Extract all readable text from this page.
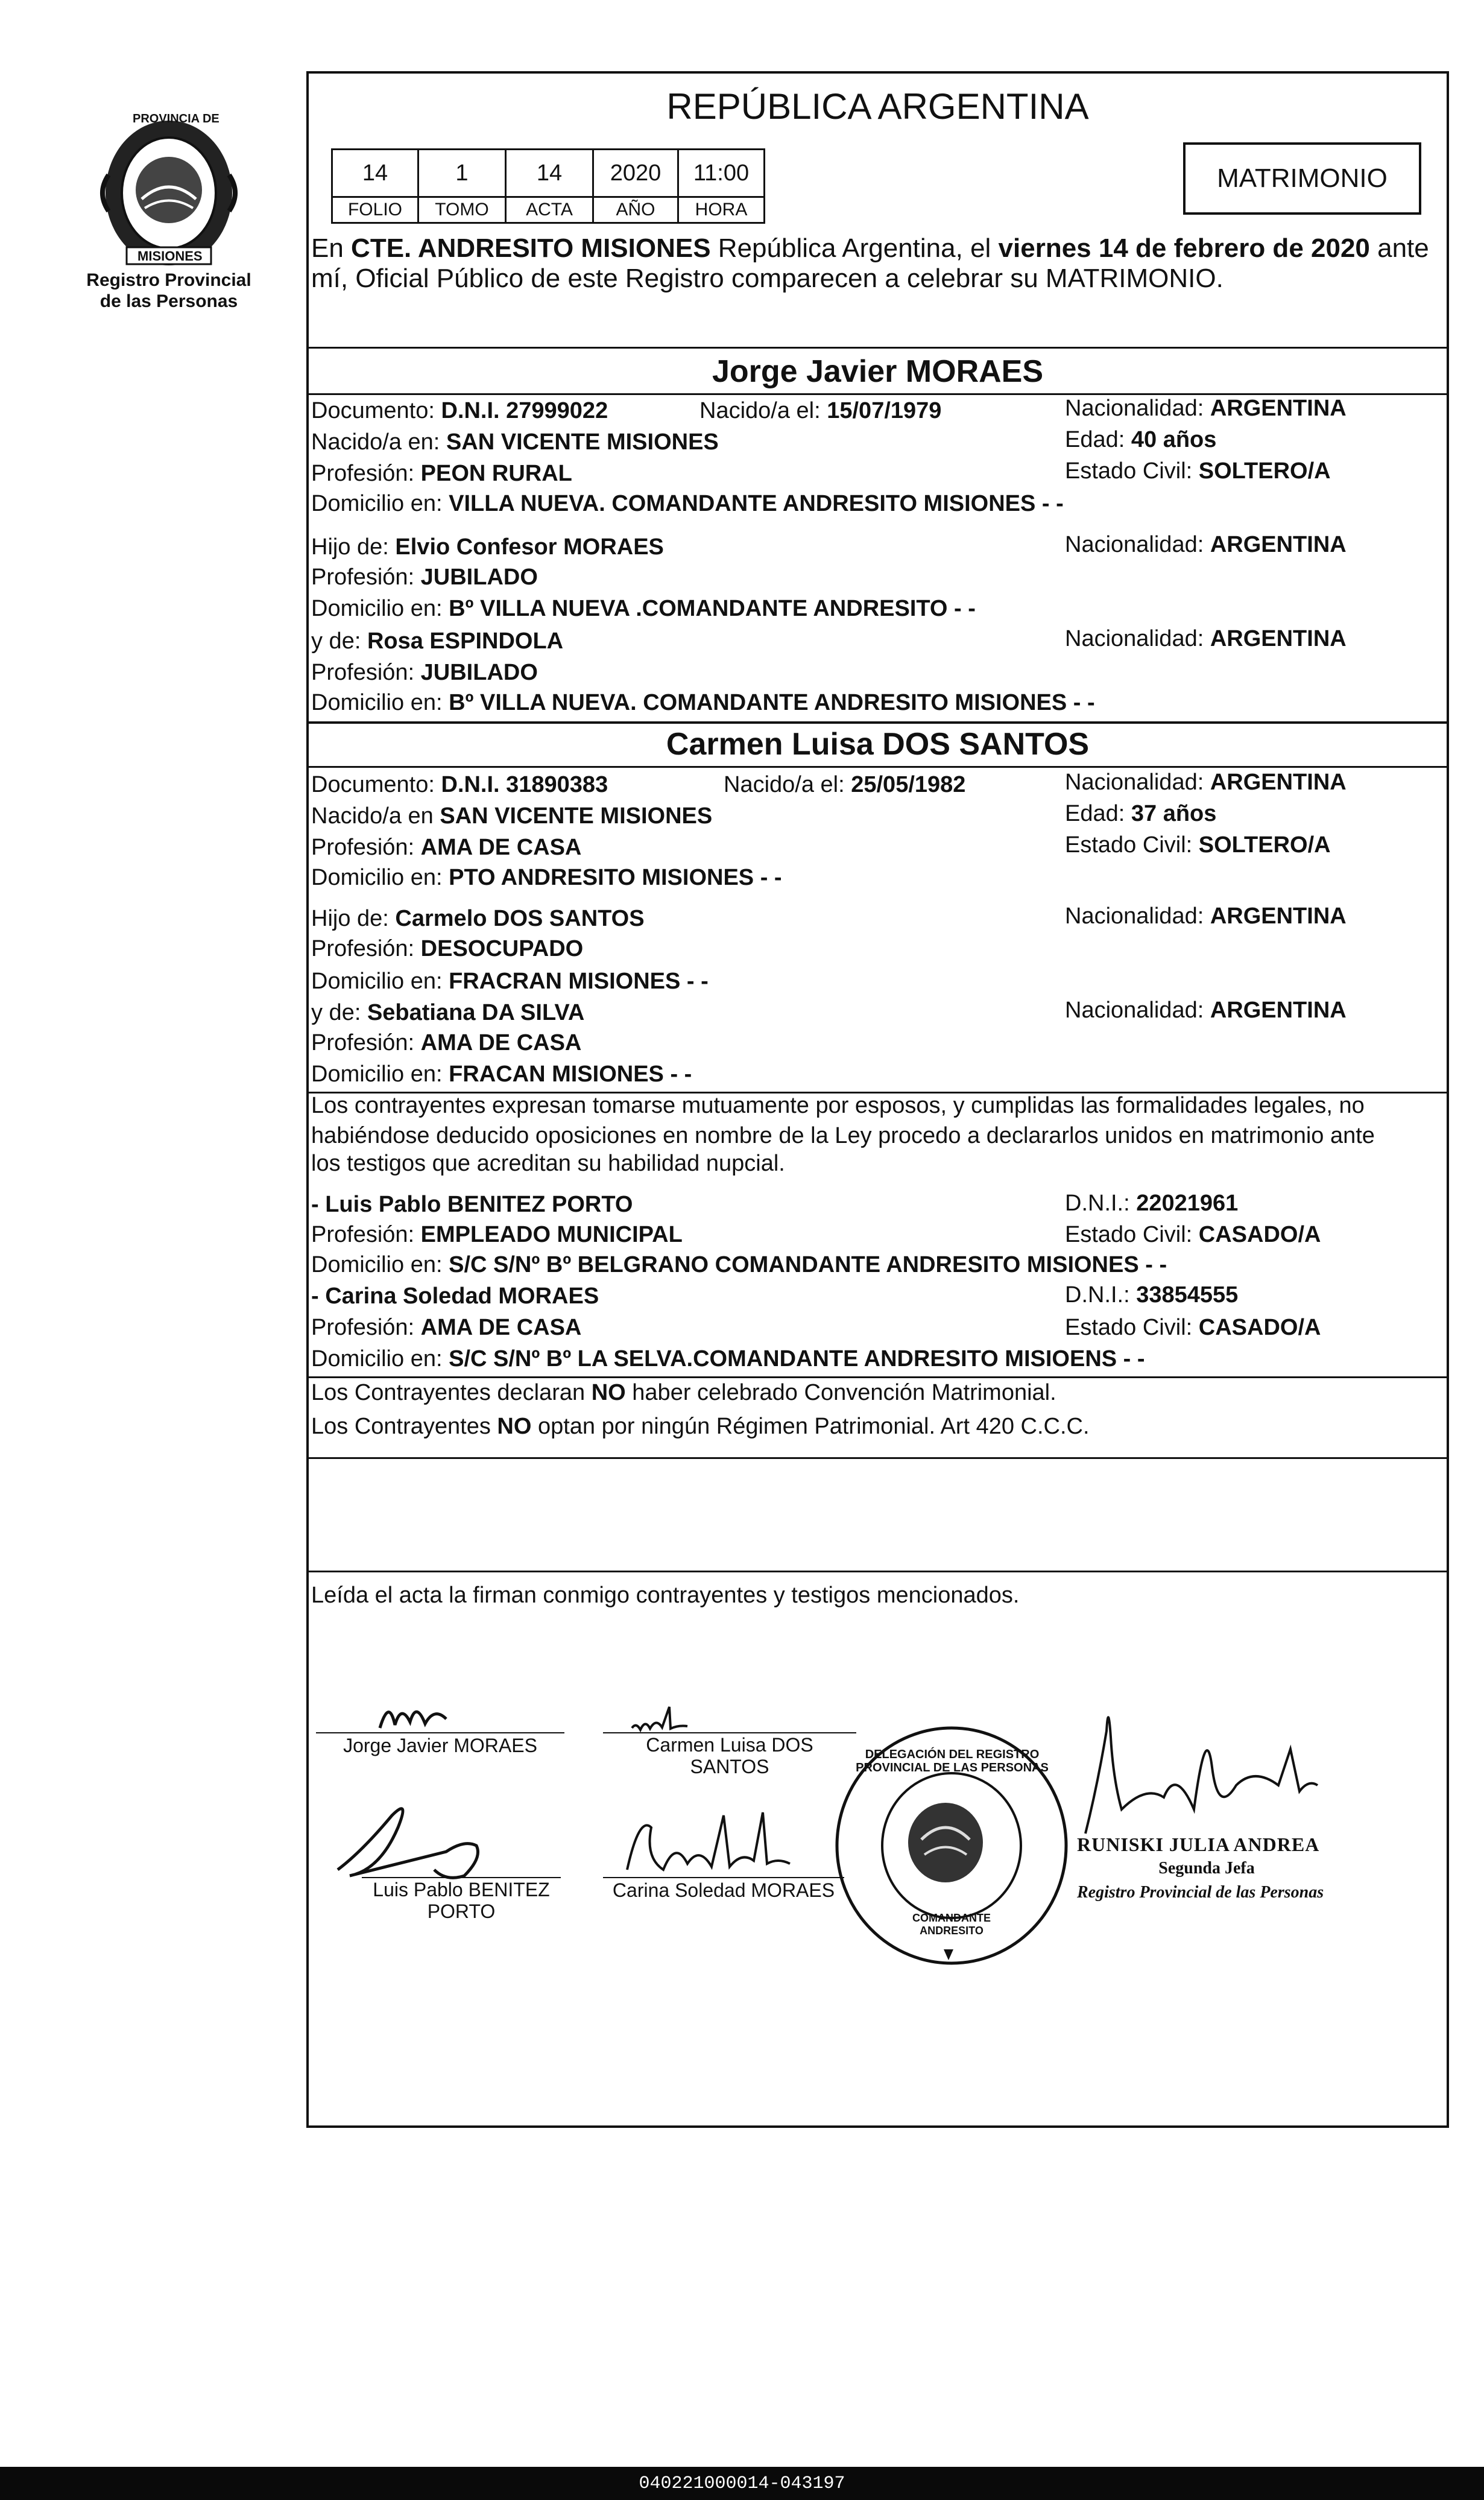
PROVINCIA DE
MISIONES
Registro Provincial
de las Personas
REPÚBLICA ARGENTINA
14	1	14	2020	11:00
FOLIO	TOMO	ACTA	AÑO	HORA
MATRIMONIO
En CTE. ANDRESITO MISIONES República Argentina, el viernes 14 de febrero de 2020 ante
mí, Oficial Público de este Registro comparecen a celebrar su MATRIMONIO.
Jorge Javier MORAES
Documento: D.N.I. 27999022	Nacido/a el: 15/07/1979	Nacionalidad: ARGENTINA
Nacido/a en: SAN VICENTE MISIONES	Edad: 40 años
Profesión: PEON RURAL	Estado Civil: SOLTERO/A
Domicilio en: VILLA NUEVA. COMANDANTE ANDRESITO MISIONES - -
Hijo de: Elvio Confesor MORAES	Nacionalidad: ARGENTINA
Profesión: JUBILADO
Domicilio en: Bº VILLA NUEVA .COMANDANTE ANDRESITO - -
y de: Rosa ESPINDOLA	Nacionalidad: ARGENTINA
Profesión: JUBILADO
Domicilio en: Bº VILLA NUEVA. COMANDANTE ANDRESITO MISIONES - -
Carmen Luisa DOS SANTOS
Documento: D.N.I. 31890383	Nacido/a el: 25/05/1982	Nacionalidad: ARGENTINA
Nacido/a en SAN VICENTE MISIONES	Edad: 37 años
Profesión: AMA DE CASA	Estado Civil: SOLTERO/A
Domicilio en: PTO ANDRESITO MISIONES - -
Hijo de: Carmelo DOS SANTOS	Nacionalidad: ARGENTINA
Profesión: DESOCUPADO
Domicilio en: FRACRAN MISIONES - -
y de: Sebatiana DA SILVA	Nacionalidad: ARGENTINA
Profesión: AMA DE CASA
Domicilio en: FRACAN MISIONES - -
Los contrayentes expresan tomarse mutuamente por esposos, y cumplidas las formalidades legales, no
habiéndose deducido oposiciones en nombre de la Ley procedo a declararlos unidos en matrimonio ante
los testigos que acreditan su habilidad nupcial.
- Luis Pablo BENITEZ PORTO	D.N.I.: 22021961
Profesión: EMPLEADO MUNICIPAL	Estado Civil: CASADO/A
Domicilio en: S/C S/Nº Bº BELGRANO COMANDANTE ANDRESITO MISIONES - -
- Carina Soledad MORAES	D.N.I.: 33854555
Profesión: AMA DE CASA	Estado Civil: CASADO/A
Domicilio en: S/C S/Nº Bº LA SELVA.COMANDANTE ANDRESITO MISIOENS - -
Los Contrayentes declaran NO haber celebrado Convención Matrimonial.
Los Contrayentes NO optan por ningún Régimen Patrimonial. Art 420 C.C.C.
Leída el acta la firman conmigo contrayentes y testigos mencionados.
Jorge Javier MORAES	Carmen Luisa DOS
SANTOS
Luis Pablo BENITEZ
PORTO
Carina Soledad MORAES
DELEGACIÓN DEL REGISTRO PROVINCIAL DE LAS PERSONAS
COMANDANTE ANDRESITO
RUNISKI JULIA ANDREA
Segunda Jefa
Registro Provincial de las Personas
040221000014-043197
